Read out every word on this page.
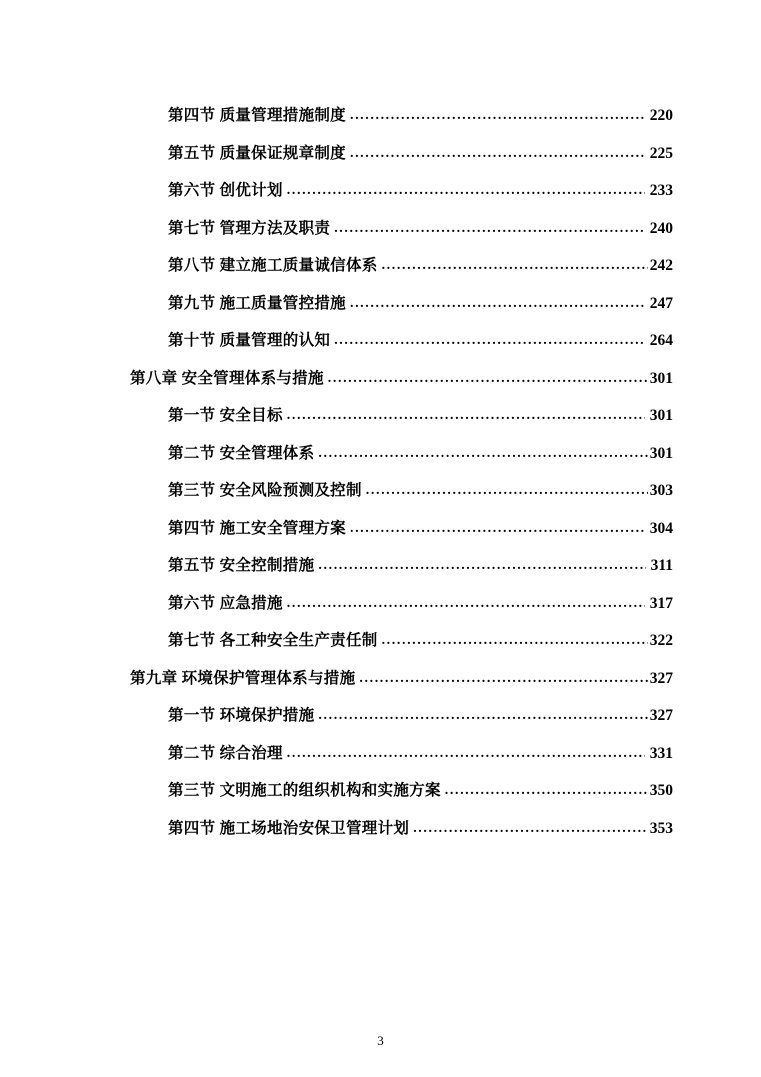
第四节 质量管理措施制度 .....	220
第五节 质量保证规章制度 .....	225
第六节 创优计划 .....	233
第七节 管理方法及职责 .....	240
第八节 建立施工质量诚信体系 .....	242
第九节 施工质量管控措施 .....	247
第十节 质量管理的认知 .....	264
第八章 安全管理体系与措施 .....	301
第一节 安全目标 .....	301
第二节 安全管理体系 .....	301
第三节 安全风险预测及控制 .....	303
第四节 施工安全管理方案 .....	304
第五节 安全控制措施 .....	311
第六节 应急措施 .....	317
第七节 各工种安全生产责任制 .....	322
第九章 环境保护管理体系与措施 .....	327
第一节 环境保护措施 .....	327
第二节 综合治理 .....	331
第三节 文明施工的组织机构和实施方案 .....	350
第四节 施工场地治安保卫管理计划 .....	353
3
